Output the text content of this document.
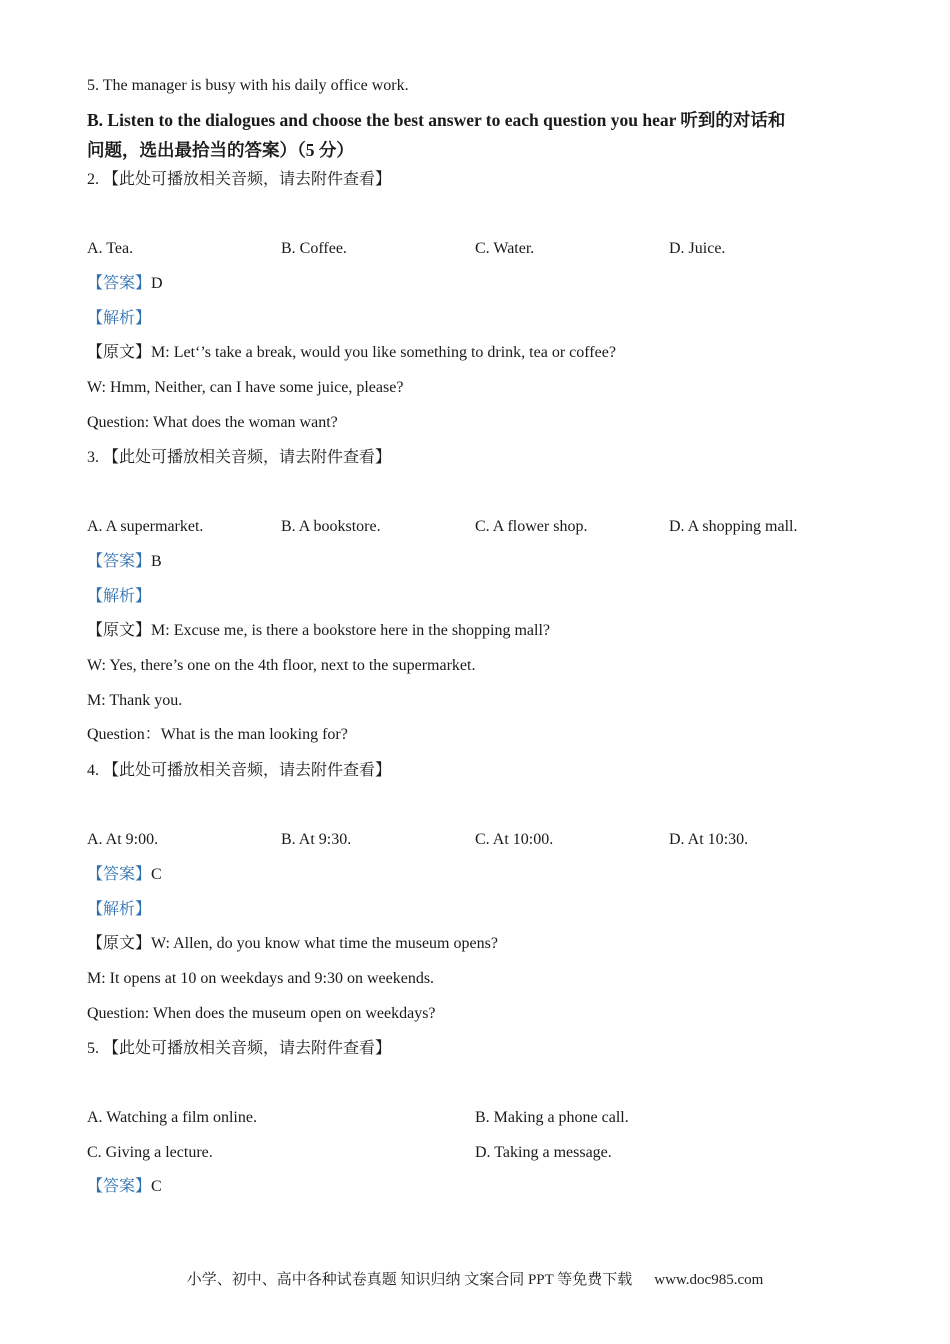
5. The manager is busy with his daily office work.
B. Listen to the dialogues and choose the best answer to each question you hear 听到的对话和
问题，选出最拾当的答案）（5 分）
2. 【此处可播放相关音频，请去附件查看】
A. Tea.	B. Coffee.	C. Water.	D. Juice.
【答案】D
【解析】
【原文】M: Let‘’s take a break, would you like something to drink, tea or coffee?
W: Hmm, Neither, can I have some juice, please?
Question: What does the woman want?
3. 【此处可播放相关音频，请去附件查看】
A. A supermarket.	B. A bookstore.	C. A flower shop.	D. A shopping mall.
【答案】B
【解析】
【原文】M: Excuse me, is there a bookstore here in the shopping mall?
W: Yes, there’s one on the 4th floor, next to the supermarket.
M: Thank you.
Question：What is the man looking for?
4. 【此处可播放相关音频，请去附件查看】
A. At 9:00.	B. At 9:30.	C. At 10:00.	D. At 10:30.
【答案】C
【解析】
【原文】W: Allen, do you know what time the museum opens?
M: It opens at 10 on weekdays and 9:30 on weekends.
Question: When does the museum open on weekdays?
5. 【此处可播放相关音频，请去附件查看】
A. Watching a film online.	B. Making a phone call.
C. Giving a lecture.	D. Taking a message.
【答案】C
小学、初中、高中各种试卷真题 知识归纳 文案合同 PPT 等免费下载 www.doc985.com
